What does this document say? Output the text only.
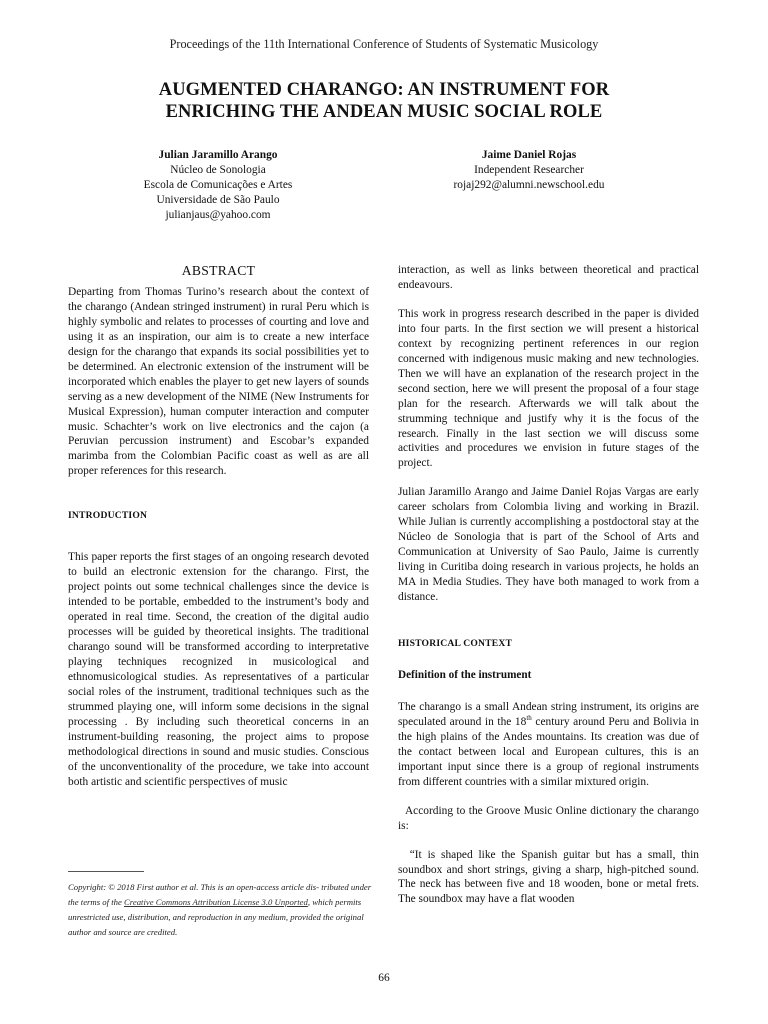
Proceedings of the 11th International Conference of Students of Systematic Musicology
AUGMENTED CHARANGO: AN INSTRUMENT FOR
ENRICHING THE ANDEAN MUSIC SOCIAL ROLE
Julian Jaramillo Arango
Núcleo de Sonologia
Escola de Comunicações e Artes
Universidade de São Paulo
julianjaus@yahoo.com
Jaime Daniel Rojas
Independent Researcher
rojaj292@alumni.newschool.edu
ABSTRACT

Departing from Thomas Turino’s research about the context of the charango (Andean stringed instrument) in rural Peru which is highly symbolic and relates to processes of courting and love and using it as an inspiration, our aim is to create a new interface design for the charango that expands its social possibilities yet to be determined. An electronic extension of the instrument will be incorporated which enables the player to get new layers of sounds serving as a new development of the NIME (New Instruments for Musical Expression), human computer interaction and computer music. Schachter’s work on live electronics and the cajon (a Peruvian percussion instrument) and Escobar’s expanded marimba from the Colombian Pacific coast as well as are all proper references for this research.

INTRODUCTION

This paper reports the first stages of an ongoing research devoted to build an electronic extension for the charango. First, the project points out some technical challenges since the device is intended to be portable, embedded to the instrument’s body and operated in real time. Second, the creation of the digital audio processes will be guided by theoretical insights. The traditional charango sound will be transformed according to interpretative playing techniques recognized in musicological and ethnomusicological studies. As representatives of a particular social roles of the instrument, traditional techniques such as the strummed playing one, will inform some decisions in the signal processing . By including such theoretical concerns in an instrument-building reasoning, the project aims to propose methodological directions in sound and music studies. Conscious of the unconventionality of the procedure, we take into account both artistic and scientific perspectives of music

Copyright: © 2018 First author et al. This is an open-access article dis- tributed under the terms of the Creative Commons Attribution License 3.0 Unported, which permits unrestricted use, distribution, and reproduction in any medium, provided the original author and source are credited.

interaction, as well as links between theoretical and practical endeavours.

This work in progress research described in the paper is divided into four parts. In the first section we will present a historical context by recognizing pertinent references in our region concerned with indigenous music making and new technologies. Then we will have an explanation of the research project in the second section, here we will present the proposal of a four stage plan for the research. Afterwards we will talk about the strumming technique and justify why it is the focus of the research. Finally in the last section we will discuss some activities and procedures we envision in future stages of the project.

Julian Jaramillo Arango and Jaime Daniel Rojas Vargas are early career scholars from Colombia living and working in Brazil. While Julian is currently accomplishing a postdoctoral stay at the Núcleo de Sonologia that is part of the School of Arts and Communication at University of Sao Paulo, Jaime is currently living in Curitiba doing research in various projects, he holds an MA in Media Studies. They have both managed to work from a distance.

HISTORICAL CONTEXT
Definition of the instrument

The charango is a small Andean string instrument, its origins are speculated around in the 18th century around Peru and Bolivia in the high plains of the Andes mountains. Its creation was due of the contact between local and European cultures, this is an important input since there is a group of regional instruments from different countries with a similar mixtured origin.

According to the Groove Music Online dictionary the charango is:

“It is shaped like the Spanish guitar but has a small, thin soundbox and short strings, giving a sharp, high-pitched sound. The neck has between five and 18 wooden, bone or metal frets. The soundbox may have a flat wooden

66
